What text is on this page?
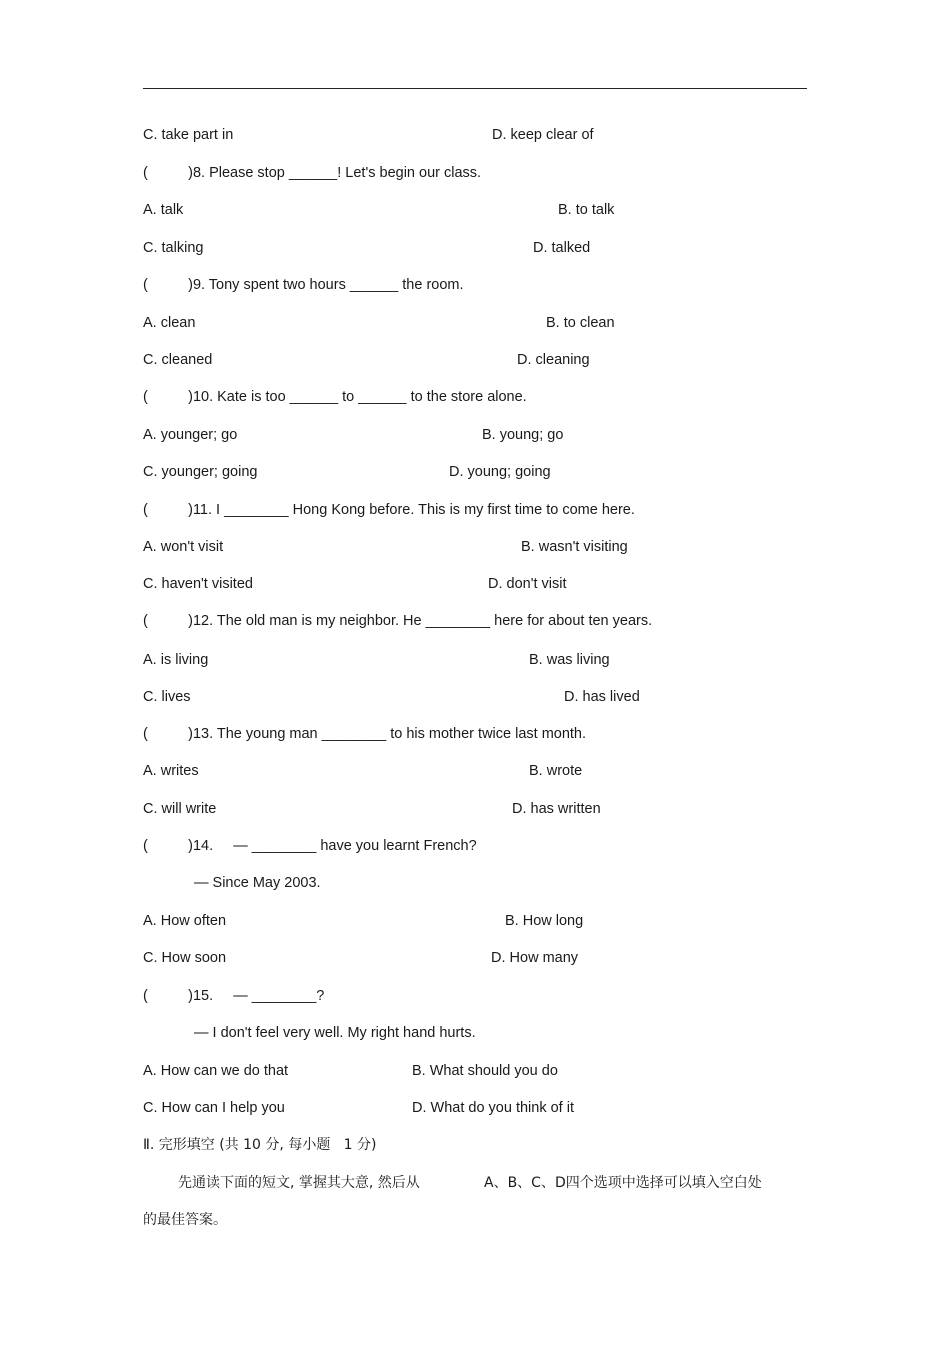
C. take part in	D. keep clear of
(          )8. Please stop ______! Let's begin our class.
A. talk	B. to talk
C. talking	D. talked
(          )9. Tony spent two hours ______ the room.
A. clean	B. to clean
C. cleaned	D. cleaning
(          )10. Kate is too ______ to ______ to the store alone.
A. younger; go	B. young; go
C. younger; going	D. young; going
(          )11. I ________ Hong Kong before. This is my first time to come here.
A. won't visit	B. wasn't visiting
C. haven't visited	D. don't visit
(          )12. The old man is my neighbor. He ________ here for about ten years.
A. is living	B. was living
C. lives	D. has lived
(          )13. The young man ________ to his mother twice last month.
A. writes	B. wrote
C. will write	D. has written
(          )14.     — ________ have you learnt French?
— Since May 2003.
A. How often	B. How long
C. How soon	D. How many
(          )15.     — ________?
— I don't feel very well. My right hand hurts.
A. How can we do that	B. What should you do
C. How can I help you	D. What do you think of it
Ⅱ. 完形填空 (共 10 分, 每小题   1 分)
先通读下面的短文, 掌握其大意, 然后从	A、B、C、D四个选项中选择可以填入空白处
的最佳答案。
